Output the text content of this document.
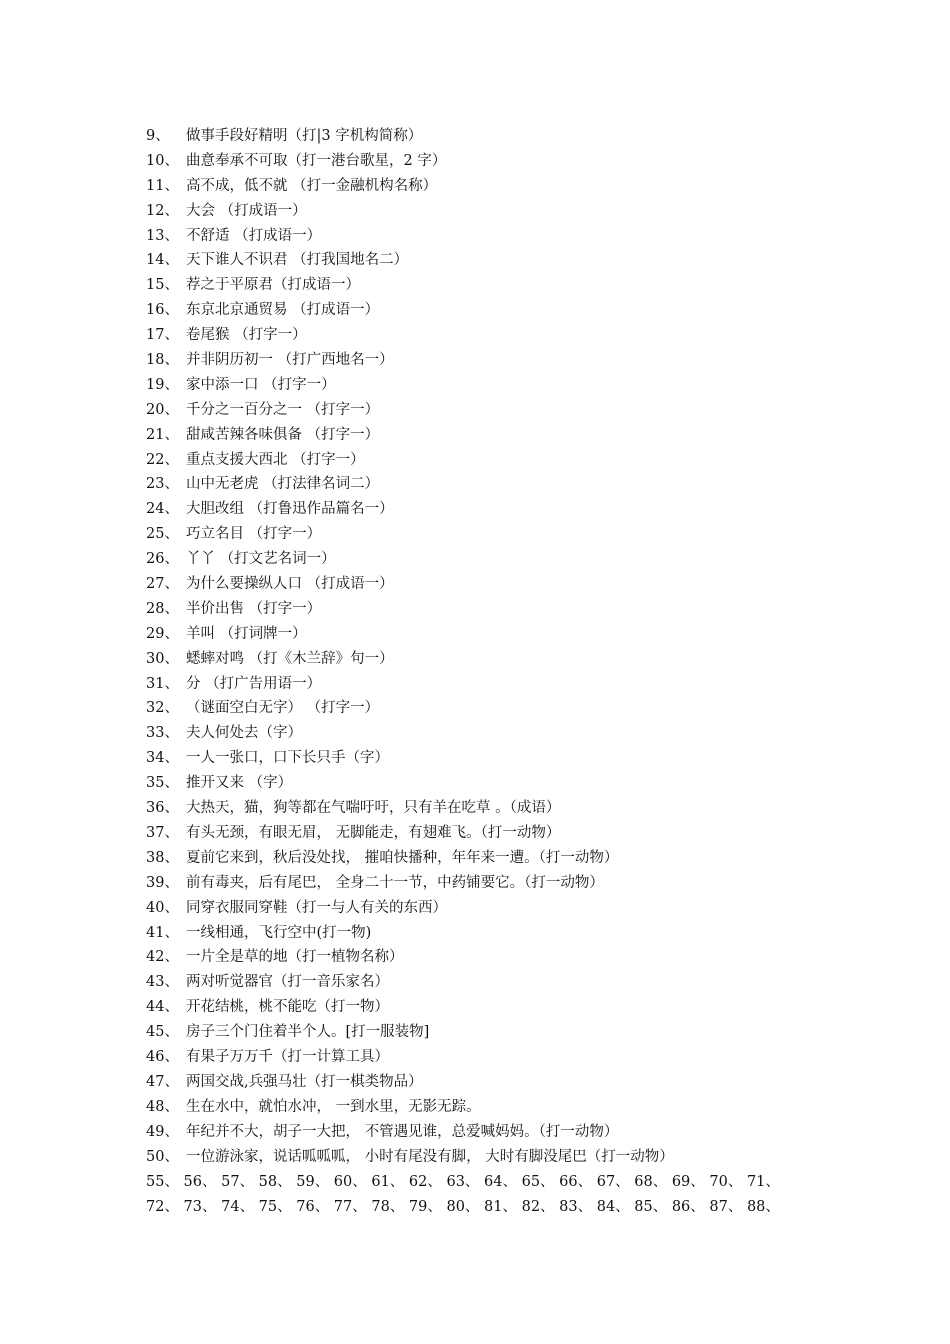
9、 做事手段好精明（打|3 字机构简称）
10、 曲意奉承不可取（打一港台歌星，2 字）
11、 高不成，低不就 （打一金融机构名称）
12、 大会 （打成语一）
13、 不舒适 （打成语一）
14、 天下谁人不识君 （打我国地名二）
15、 荐之于平原君（打成语一）
16、 东京北京通贸易 （打成语一）
17、 卷尾猴 （打字一）
18、 并非阴历初一 （打广西地名一）
19、 家中添一口 （打字一）
20、 千分之一百分之一 （打字一）
21、 甜咸苦辣各味俱备 （打字一）
22、 重点支援大西北 （打字一）
23、 山中无老虎 （打法律名词二）
24、 大胆改组 （打鲁迅作品篇名一）
25、 巧立名目 （打字一）
26、 丫丫 （打文艺名词一）
27、 为什么要操纵人口 （打成语一）
28、 半价出售 （打字一）
29、 羊叫 （打词牌一）
30、 蟋蟀对鸣 （打《木兰辞》句一）
31、 分 （打广告用语一）
32、 （谜面空白无字） （打字一）
33、 夫人何处去（字）
34、 一人一张口，口下长只手（字）
35、 推开又来 （字）
36、 大热天，猫，狗等都在气喘吁吁，只有羊在吃草 。（成语）
37、 有头无颈，有眼无眉， 无脚能走，有翅难飞。（打一动物）
38、 夏前它来到，秋后没处找， 摧咱快播种，年年来一遭。（打一动物）
39、 前有毒夹，后有尾巴， 全身二十一节，中药铺要它。（打一动物）
40、 同穿衣服同穿鞋（打一与人有关的东西）
41、 一线相通，飞行空中(打一物)
42、 一片全是草的地（打一植物名称）
43、 两对听觉器官（打一音乐家名）
44、 开花结桃，桃不能吃（打一物）
45、 房子三个门住着半个人。[打一服装物]
46、 有果子万万千（打一计算工具）
47、 两国交战,兵强马壮（打一棋类物品）
48、 生在水中，就怕水冲， 一到水里，无影无踪。
49、 年纪并不大，胡子一大把， 不管遇见谁，总爱喊妈妈。（打一动物）
50、 一位游泳家，说话呱呱呱， 小时有尾没有脚， 大时有脚没尾巴（打一动物）
55、 56、 57、 58、 59、 60、 61、 62、 63、 64、 65、 66、 67、 68、 69、 70、 71、
72、 73、 74、 75、 76、 77、 78、 79、 80、 81、 82、 83、 84、 85、 86、 87、 88、
